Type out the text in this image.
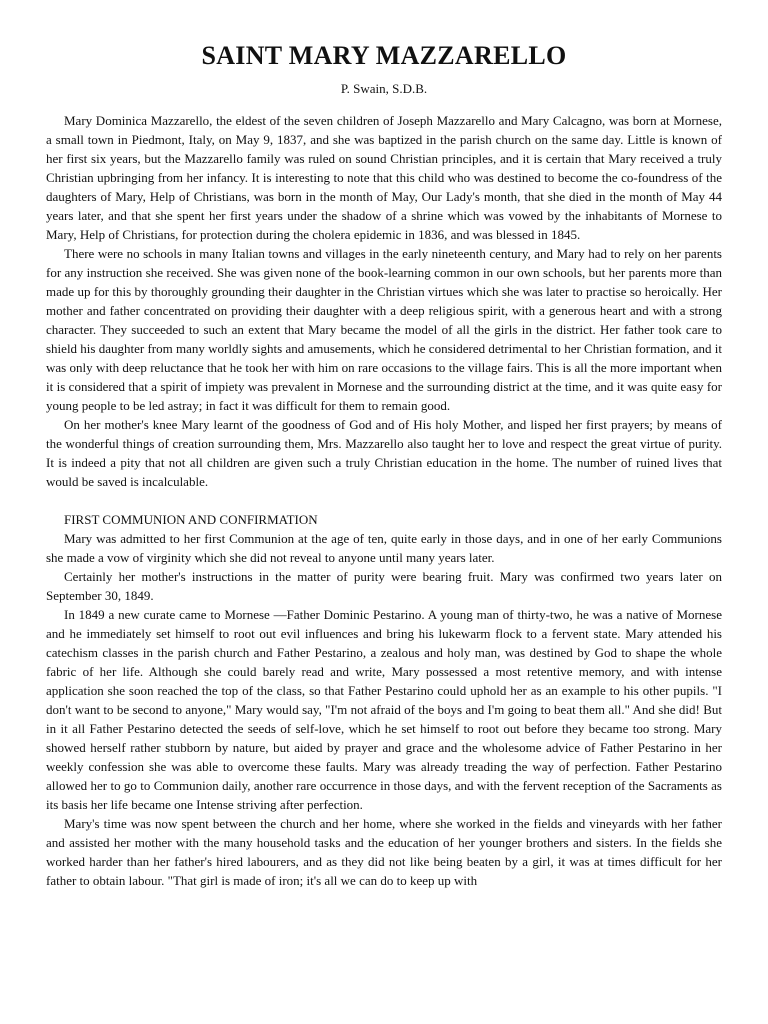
SAINT MARY MAZZARELLO
P. Swain, S.D.B.

Mary Dominica Mazzarello, the eldest of the seven children of Joseph Mazzarello and Mary Calcagno, was born at Mornese, a small town in Piedmont, Italy, on May 9, 1837, and she was baptized in the parish church on the same day. Little is known of her first six years, but the Mazzarello family was ruled on sound Christian principles, and it is certain that Mary received a truly Christian upbringing from her infancy. It is interesting to note that this child who was destined to become the co-foundress of the daughters of Mary, Help of Christians, was born in the month of May, Our Lady's month, that she died in the month of May 44 years later, and that she spent her first years under the shadow of a shrine which was vowed by the inhabitants of Mornese to Mary, Help of Christians, for protection during the cholera epidemic in 1836, and was blessed in 1845.

There were no schools in many Italian towns and villages in the early nineteenth century, and Mary had to rely on her parents for any instruction she received. She was given none of the book-learning common in our own schools, but her parents more than made up for this by thoroughly grounding their daughter in the Christian virtues which she was later to practise so heroically. Her mother and father concentrated on providing their daughter with a deep religious spirit, with a generous heart and with a strong character. They succeeded to such an extent that Mary became the model of all the girls in the district. Her father took care to shield his daughter from many worldly sights and amusements, which he considered detrimental to her Christian formation, and it was only with deep reluctance that he took her with him on rare occasions to the village fairs. This is all the more important when it is considered that a spirit of impiety was prevalent in Mornese and the surrounding district at the time, and it was quite easy for young people to be led astray; in fact it was difficult for them to remain good.

On her mother's knee Mary learnt of the goodness of God and of His holy Mother, and lisped her first prayers; by means of the wonderful things of creation surrounding them, Mrs. Mazzarello also taught her to love and respect the great virtue of purity. It is indeed a pity that not all children are given such a truly Christian education in the home. The number of ruined lives that would be saved is incalculable.

FIRST COMMUNION AND CONFIRMATION

Mary was admitted to her first Communion at the age of ten, quite early in those days, and in one of her early Communions she made a vow of virginity which she did not reveal to anyone until many years later.

Certainly her mother's instructions in the matter of purity were bearing fruit. Mary was confirmed two years later on September 30, 1849.

In 1849 a new curate came to Mornese —Father Dominic Pestarino. A young man of thirty-two, he was a native of Mornese and he immediately set himself to root out evil influences and bring his lukewarm flock to a fervent state. Mary attended his catechism classes in the parish church and Father Pestarino, a zealous and holy man, was destined by God to shape the whole fabric of her life. Although she could barely read and write, Mary possessed a most retentive memory, and with intense application she soon reached the top of the class, so that Father Pestarino could uphold her as an example to his other pupils. "I don't want to be second to anyone," Mary would say, "I'm not afraid of the boys and I'm going to beat them all." And she did! But in it all Father Pestarino detected the seeds of self-love, which he set himself to root out before they became too strong. Mary showed herself rather stubborn by nature, but aided by prayer and grace and the wholesome advice of Father Pestarino in her weekly confession she was able to overcome these faults. Mary was already treading the way of perfection. Father Pestarino allowed her to go to Communion daily, another rare occurrence in those days, and with the fervent reception of the Sacraments as its basis her life became one Intense striving after perfection.

Mary's time was now spent between the church and her home, where she worked in the fields and vineyards with her father and assisted her mother with the many household tasks and the education of her younger brothers and sisters. In the fields she worked harder than her father's hired labourers, and as they did not like being beaten by a girl, it was at times difficult for her father to obtain labour. "That girl is made of iron; it's all we can do to keep up with
